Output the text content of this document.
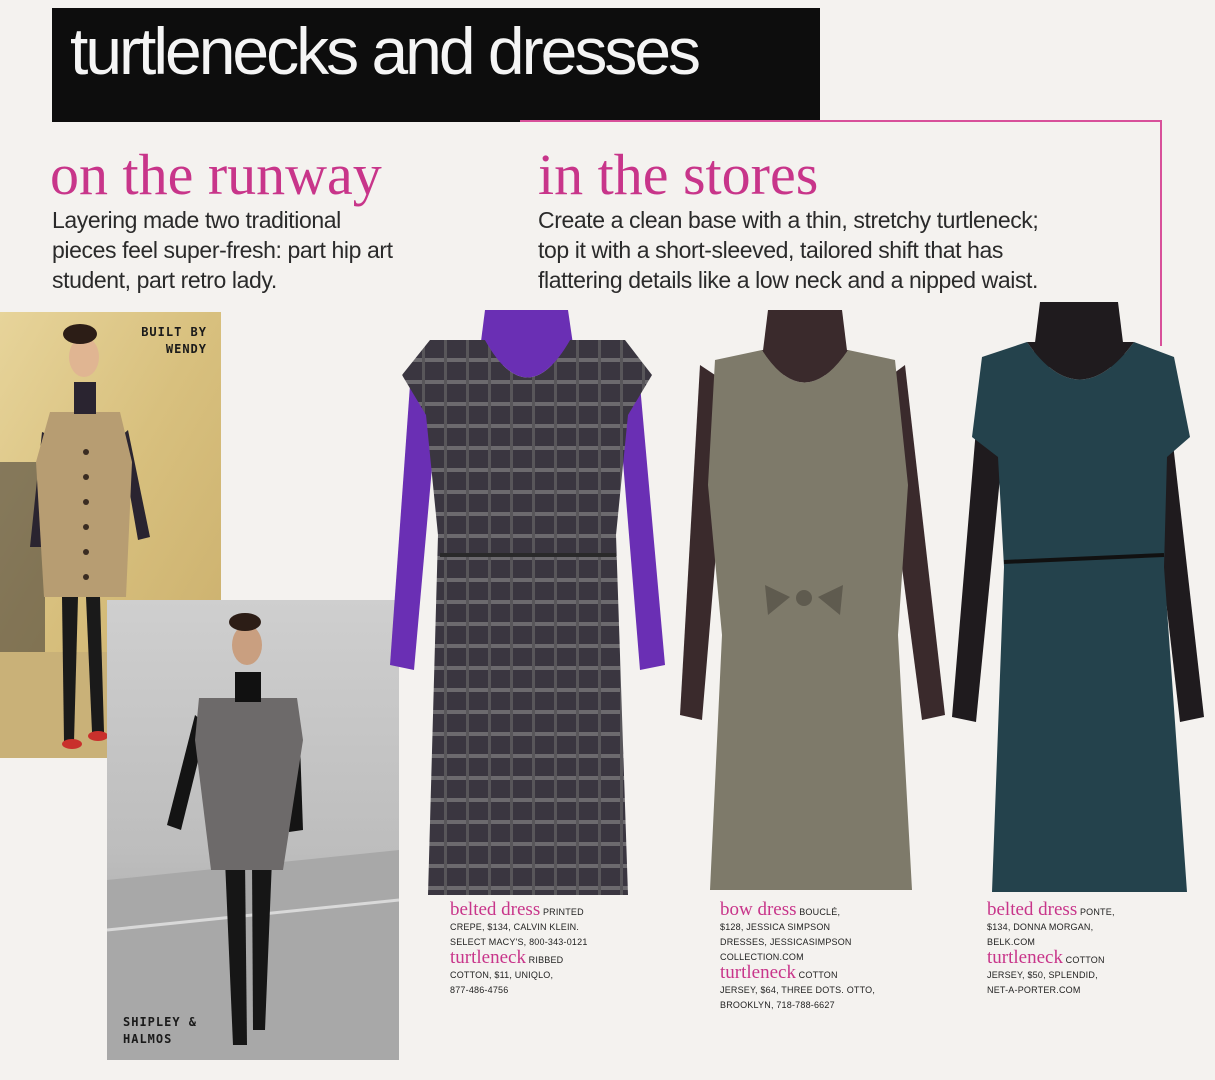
turtlenecks and dresses
on the runway
Layering made two traditional
pieces feel super-fresh: part hip art
student, part retro lady.
in the stores
Create a clean base with a thin, stretchy turtleneck;
top it with a short-sleeved, tailored shift that has
flattering details like a low neck and a nipped waist.
BUILT BY
WENDY
SHIPLEY &
HALMOS
belted dress PRINTED
CREPE, $134, CALVIN KLEIN.
SELECT MACY'S, 800-343-0121
turtleneck RIBBED
COTTON, $11, UNIQLO,
877-486-4756
bow dress BOUCLÉ,
$128, JESSICA SIMPSON
DRESSES, JESSICASIMPSON
COLLECTION.COM
turtleneck COTTON
JERSEY, $64, THREE DOTS. OTTO,
BROOKLYN, 718-788-6627
belted dress PONTE,
$134, DONNA MORGAN,
BELK.COM
turtleneck COTTON
JERSEY, $50, SPLENDID,
NET-A-PORTER.COM
